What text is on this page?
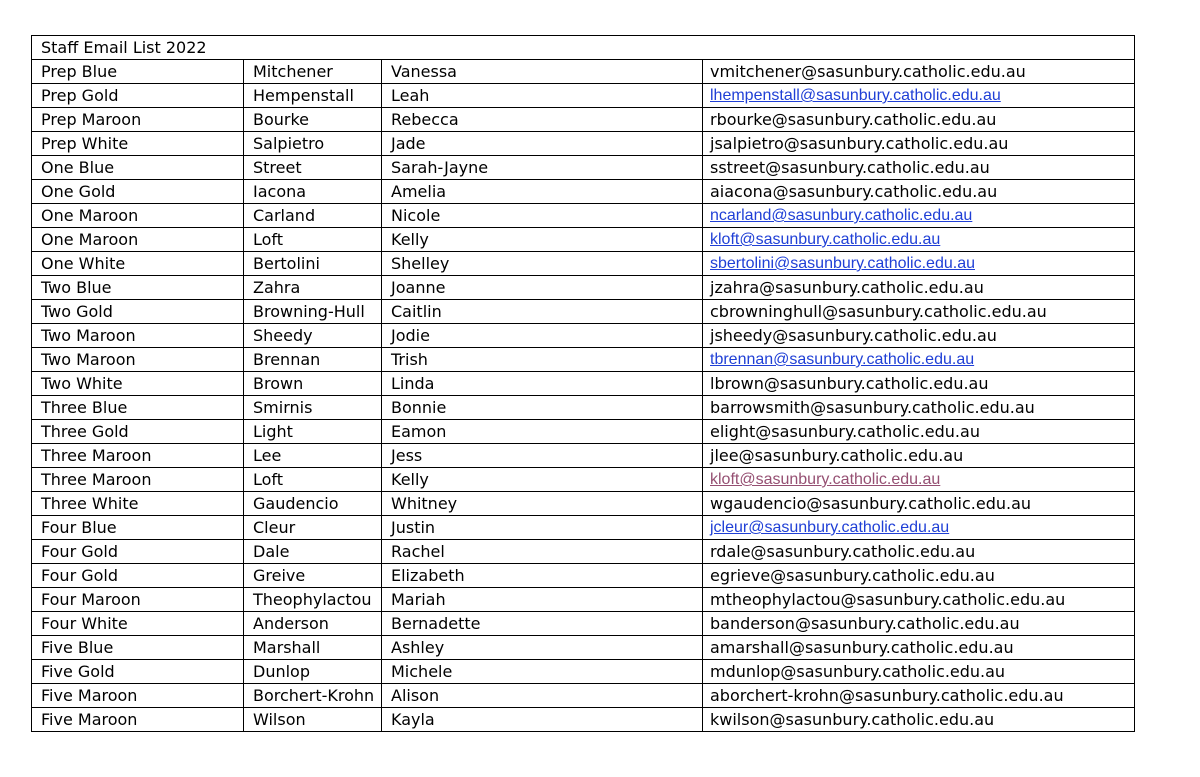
Staff Email List 2022			
Prep Blue	Mitchener	Vanessa	vmitchener@sasunbury.catholic.edu.au
Prep Gold	Hempenstall	Leah	lhempenstall@sasunbury.catholic.edu.au
Prep Maroon	Bourke	Rebecca	rbourke@sasunbury.catholic.edu.au
Prep White	Salpietro	Jade	jsalpietro@sasunbury.catholic.edu.au
One Blue	Street	Sarah-Jayne	sstreet@sasunbury.catholic.edu.au
One Gold	Iacona	Amelia	aiacona@sasunbury.catholic.edu.au
One Maroon	Carland	Nicole	ncarland@sasunbury.catholic.edu.au
One Maroon	Loft	Kelly	kloft@sasunbury.catholic.edu.au
One White	Bertolini	Shelley	sbertolini@sasunbury.catholic.edu.au
Two Blue	Zahra	Joanne	jzahra@sasunbury.catholic.edu.au
Two Gold	Browning-Hull	Caitlin	cbrowninghull@sasunbury.catholic.edu.au
Two Maroon	Sheedy	Jodie	jsheedy@sasunbury.catholic.edu.au
Two Maroon	Brennan	Trish	tbrennan@sasunbury.catholic.edu.au
Two White	Brown	Linda	lbrown@sasunbury.catholic.edu.au
Three Blue	Smirnis	Bonnie	barrowsmith@sasunbury.catholic.edu.au
Three Gold	Light	Eamon	elight@sasunbury.catholic.edu.au
Three Maroon	Lee	Jess	jlee@sasunbury.catholic.edu.au
Three Maroon	Loft	Kelly	kloft@sasunbury.catholic.edu.au
Three White	Gaudencio	Whitney	wgaudencio@sasunbury.catholic.edu.au
Four Blue	Cleur	Justin	jcleur@sasunbury.catholic.edu.au
Four Gold	Dale	Rachel	rdale@sasunbury.catholic.edu.au
Four Gold	Greive	Elizabeth	egrieve@sasunbury.catholic.edu.au
Four Maroon	Theophylactou	Mariah	mtheophylactou@sasunbury.catholic.edu.au
Four White	Anderson	Bernadette	banderson@sasunbury.catholic.edu.au
Five Blue	Marshall	Ashley	amarshall@sasunbury.catholic.edu.au
Five Gold	Dunlop	Michele	mdunlop@sasunbury.catholic.edu.au
Five Maroon	Borchert-Krohn	Alison	aborchert-krohn@sasunbury.catholic.edu.au
Five Maroon	Wilson	Kayla	kwilson@sasunbury.catholic.edu.au
